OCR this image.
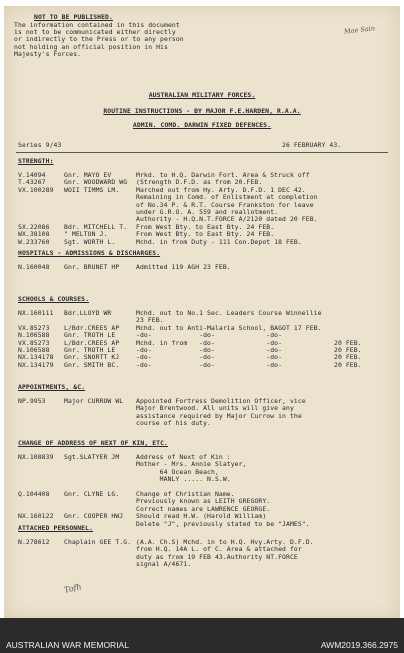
NOT TO BE PUBLISHED.
The information contained in this document
is not to be communicated either directly
or indirectly to the Press or to any person
not holding an official position in His
Majesty's Forces.
Mae Sain
AUSTRALIAN MILITARY FORCES.
ROUTINE INSTRUCTIONS - BY MAJOR F.E.HARDEN, R.A.A.
ADMIN. COMD. DARWIN FIXED DEFENCES.
Series 9/43	26 FEBRUARY 43.
STRENGTH:
V.14094	Gnr. MAYO EV	Mrkd. to H.Q. Darwin Fort. Area & Struck off
T.43267	Gnr. WOODWARD WG (Strength D.F.D. as from 20.FEB.
VX.100289 WOII TIMMS LM.	Marched out from Hy. Arty. D.F.D. 1 DEC 42.
Remaining in Comd. of Enlistment at completion
of No.34 P. & R.T. Course Frankston for leave
under G.R.O. A. 559 and reallotment.
Authority - H.Q.N.T.FORCE A/2120 dated 20 FEB.
SX.22086 Bdr. MITCHELL T. From West Bty. to East Bty. 24 FEB.
WX.38108 " MELTON J.	From West Bty. to East Bty. 24 FEB.
W.233760 Sgt. WORTH L.	Mchd. in from Duty - 111 Con.Depot 18 FEB.
HOSPITALS - ADMISSIONS & DISCHARGES.
N.160048 Gnr. BRUNET HP	Admitted 119 AGH 23 FEB.
SCHOOLS & COURSES.
NX.160111 Bdr.LLOYD WR	Mchd. out to No.1 Sec. Leaders Course Winnellie
23 FEB.
VX.85273 L/Bdr.CREES AP	Mchd. out to Anti-Malaria School, BAGOT 17 FEB.
N.106588 Gnr. TROTH LE	-do-            -do-             -do-
VX.85273 L/Bdr.CREES AP	Mchd. in from   -do-             -do-	20 FEB.
N.106588 Gnr. TROTH LE	-do-            -do-             -do-	20 FEB.
NX.134178 Gnr. SNORTT KJ	-do-            -do-             -do-	20 FEB.
NX.134179 Gnr. SMITH BC.	-do-            -do-             -do-	20 FEB.
APPOINTMENTS, &C.
NP.9953	Major CURROW WL Appointed Fortress Demolition Officer, vice
Major Brentwood. All units will give any
assistance required by Major Currow in the
course of his duty.
CHANGE OF ADDRESS OF NEXT OF KIN, ETC.
NX.108839 Sgt.SLATYER JM	Address of Next of Kin :
Mother - Mrs. Annie Slatyer,
64 Ocean Beach,
MANLY ..... N.S.W.
Q.104408 Gnr. CLYNE LG.	Change of Christian Name.
Previously known as LEITH GREGORY.
Correct names are LAWRENCE GEORGE.
NX.160122 Gnr. COOPER HWJ Should read H.W. (Harold William)
Delete "J", previously stated to be "JAMES".
ATTACHED PERSONNEL.
N.278612 Chaplain GEE T.G. (A.A. Ch.S) Mchd. in to H.Q. Hvy.Arty. D.F.D.
from H.Q. 14A L. of C. Area & attached for
duty as from 19 FEB 43.Authority NT.FORCE
signal A/4671.
Tofh
AUSTRALIAN WAR MEMORIAL	AWM2019.366.2975
